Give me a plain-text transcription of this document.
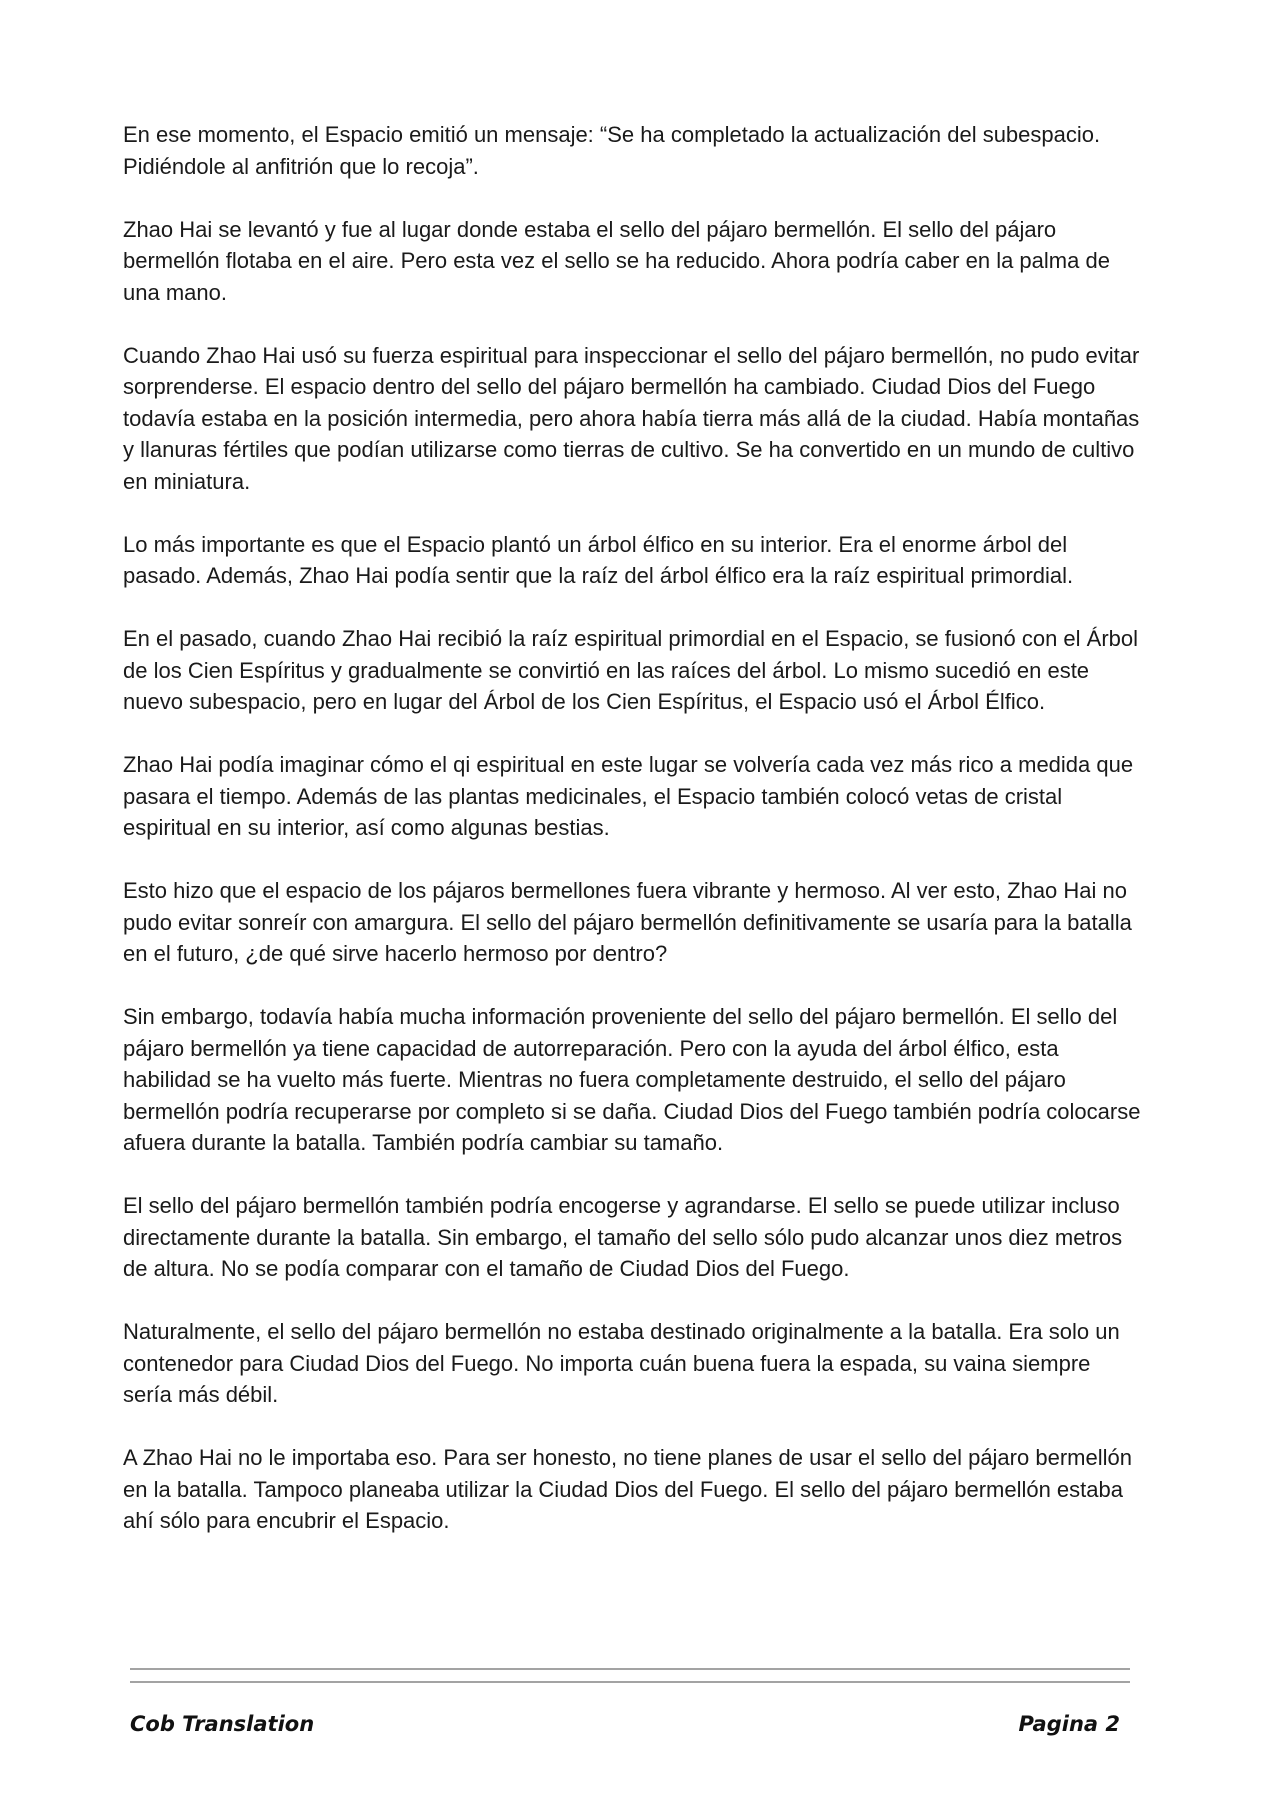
En ese momento, el Espacio emitió un mensaje: “Se ha completado la actualización del subespacio. Pidiéndole al anfitrión que lo recoja”.

Zhao Hai se levantó y fue al lugar donde estaba el sello del pájaro bermellón. El sello del pájaro bermellón flotaba en el aire. Pero esta vez el sello se ha reducido. Ahora podría caber en la palma de una mano.

Cuando Zhao Hai usó su fuerza espiritual para inspeccionar el sello del pájaro bermellón, no pudo evitar sorprenderse. El espacio dentro del sello del pájaro bermellón ha cambiado. Ciudad Dios del Fuego todavía estaba en la posición intermedia, pero ahora había tierra más allá de la ciudad. Había montañas y llanuras fértiles que podían utilizarse como tierras de cultivo. Se ha convertido en un mundo de cultivo en miniatura.

Lo más importante es que el Espacio plantó un árbol élfico en su interior. Era el enorme árbol del pasado. Además, Zhao Hai podía sentir que la raíz del árbol élfico era la raíz espiritual primordial.

En el pasado, cuando Zhao Hai recibió la raíz espiritual primordial en el Espacio, se fusionó con el Árbol de los Cien Espíritus y gradualmente se convirtió en las raíces del árbol. Lo mismo sucedió en este nuevo subespacio, pero en lugar del Árbol de los Cien Espíritus, el Espacio usó el Árbol Élfico.

Zhao Hai podía imaginar cómo el qi espiritual en este lugar se volvería cada vez más rico a medida que pasara el tiempo. Además de las plantas medicinales, el Espacio también colocó vetas de cristal espiritual en su interior, así como algunas bestias.

Esto hizo que el espacio de los pájaros bermellones fuera vibrante y hermoso. Al ver esto, Zhao Hai no pudo evitar sonreír con amargura. El sello del pájaro bermellón definitivamente se usaría para la batalla en el futuro, ¿de qué sirve hacerlo hermoso por dentro?

Sin embargo, todavía había mucha información proveniente del sello del pájaro bermellón. El sello del pájaro bermellón ya tiene capacidad de autorreparación. Pero con la ayuda del árbol élfico, esta habilidad se ha vuelto más fuerte. Mientras no fuera completamente destruido, el sello del pájaro bermellón podría recuperarse por completo si se daña. Ciudad Dios del Fuego también podría colocarse afuera durante la batalla. También podría cambiar su tamaño.

El sello del pájaro bermellón también podría encogerse y agrandarse. El sello se puede utilizar incluso directamente durante la batalla. Sin embargo, el tamaño del sello sólo pudo alcanzar unos diez metros de altura. No se podía comparar con el tamaño de Ciudad Dios del Fuego.

Naturalmente, el sello del pájaro bermellón no estaba destinado originalmente a la batalla. Era solo un contenedor para Ciudad Dios del Fuego. No importa cuán buena fuera la espada, su vaina siempre sería más débil.

A Zhao Hai no le importaba eso. Para ser honesto, no tiene planes de usar el sello del pájaro bermellón en la batalla. Tampoco planeaba utilizar la Ciudad Dios del Fuego. El sello del pájaro bermellón estaba ahí sólo para encubrir el Espacio.

Cob Translation	Pagina 2
